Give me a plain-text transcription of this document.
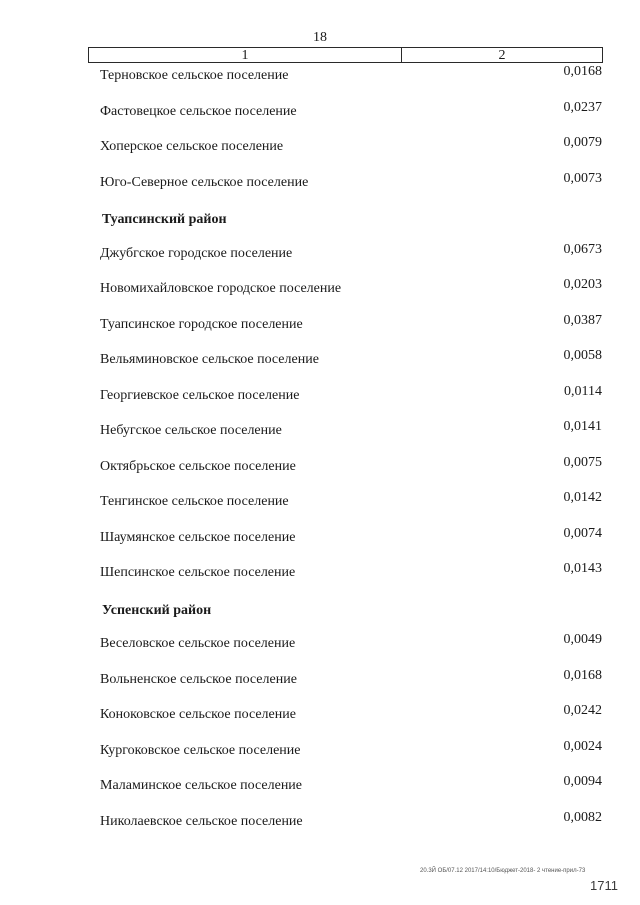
18
1	2
Терновское сельское поселение	0,0168
Фастовецкое сельское поселение	0,0237
Хоперское сельское поселение	0,0079
Юго-Северное сельское поселение	0,0073
Туапсинский район
Джубгское городское поселение	0,0673
Новомихайловское городское поселение	0,0203
Туапсинское городское поселение	0,0387
Вельяминовское сельское поселение	0,0058
Георгиевское сельское поселение	0,0114
Небугское сельское поселение	0,0141
Октябрьское сельское поселение	0,0075
Тенгинское сельское поселение	0,0142
Шаумянское сельское поселение	0,0074
Шепсинское сельское поселение	0,0143
Успенский район
Веселовское сельское поселение	0,0049
Вольненское сельское поселение	0,0168
Коноковское сельское поселение	0,0242
Кургоковское сельское поселение	0,0024
Маламинское сельское поселение	0,0094
Николаевское сельское поселение	0,0082
20.3Й ОБ/07.12 2017/14:10/Бюджет-2018- 2 чтение-прил-73
1711
